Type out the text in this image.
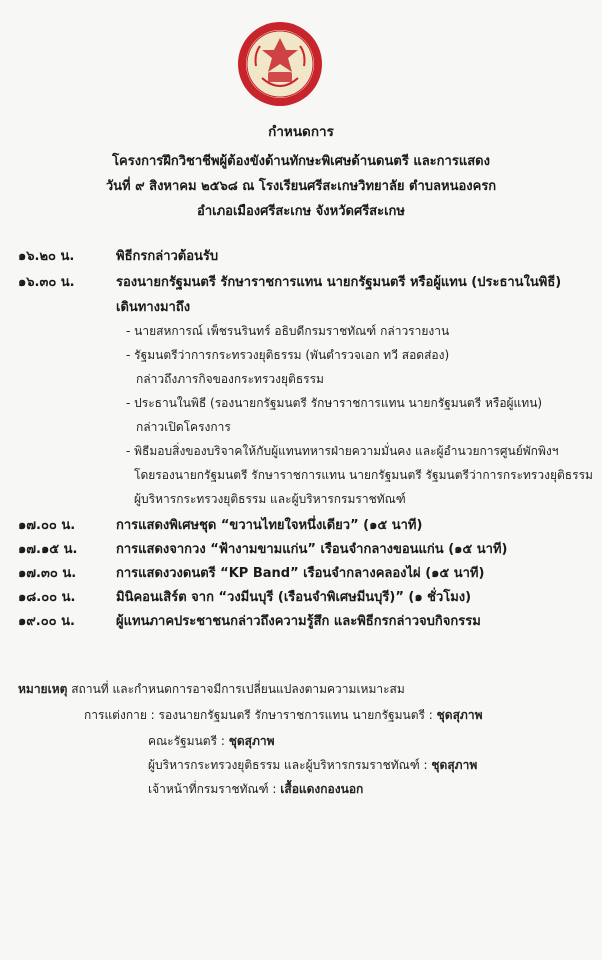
กำหนดการ
โครงการฝึกวิชาชีพผู้ต้องขังด้านทักษะพิเศษด้านดนตรี และการแสดง
วันที่ ๙ สิงหาคม ๒๕๖๘ ณ โรงเรียนศรีสะเกษวิทยาลัย ตำบลหนองครก
อำเภอเมืองศรีสะเกษ จังหวัดศรีสะเกษ
๑๖.๒๐ น.	พิธีกรกล่าวต้อนรับ
๑๖.๓๐ น.	รองนายกรัฐมนตรี รักษาราชการแทน นายกรัฐมนตรี หรือผู้แทน (ประธานในพิธี)
เดินทางมาถึง
- นายสหการณ์ เพ็ชรนรินทร์ อธิบดีกรมราชทัณฑ์ กล่าวรายงาน
- รัฐมนตรีว่าการกระทรวงยุติธรรม (พันตำรวจเอก ทวี สอดส่อง)
กล่าวถึงภารกิจของกระทรวงยุติธรรม
- ประธานในพิธี (รองนายกรัฐมนตรี รักษาราชการแทน นายกรัฐมนตรี หรือผู้แทน)
กล่าวเปิดโครงการ
- พิธีมอบสิ่งของบริจาคให้กับผู้แทนทหารฝ่ายความมั่นคง และผู้อำนวยการศูนย์พักพิงฯ
โดยรองนายกรัฐมนตรี รักษาราชการแทน นายกรัฐมนตรี รัฐมนตรีว่าการกระทรวงยุติธรรม
ผู้บริหารกระทรวงยุติธรรม และผู้บริหารกรมราชทัณฑ์
๑๗.๐๐ น.	การแสดงพิเศษชุด “ขวานไทยใจหนึ่งเดียว” (๑๕ นาที)
๑๗.๑๕ น.	การแสดงจากวง “ฟ้างามขามแก่น” เรือนจำกลางขอนแก่น (๑๕ นาที)
๑๗.๓๐ น.	การแสดงวงดนตรี “KP Band” เรือนจำกลางคลองไผ่ (๑๕ นาที)
๑๘.๐๐ น.	มินิคอนเสิร์ต จาก “วงมีนบุรี (เรือนจำพิเศษมีนบุรี)” (๑ ชั่วโมง)
๑๙.๐๐ น.	ผู้แทนภาคประชาชนกล่าวถึงความรู้สึก และพิธีกรกล่าวจบกิจกรรม
หมายเหตุ สถานที่ และกำหนดการอาจมีการเปลี่ยนแปลงตามความเหมาะสม
การแต่งกาย : รองนายกรัฐมนตรี รักษาราชการแทน นายกรัฐมนตรี : ชุดสุภาพ
คณะรัฐมนตรี : ชุดสุภาพ
ผู้บริหารกระทรวงยุติธรรม และผู้บริหารกรมราชทัณฑ์ : ชุดสุภาพ
เจ้าหน้าที่กรมราชทัณฑ์ : เสื้อแดงกองนอก
